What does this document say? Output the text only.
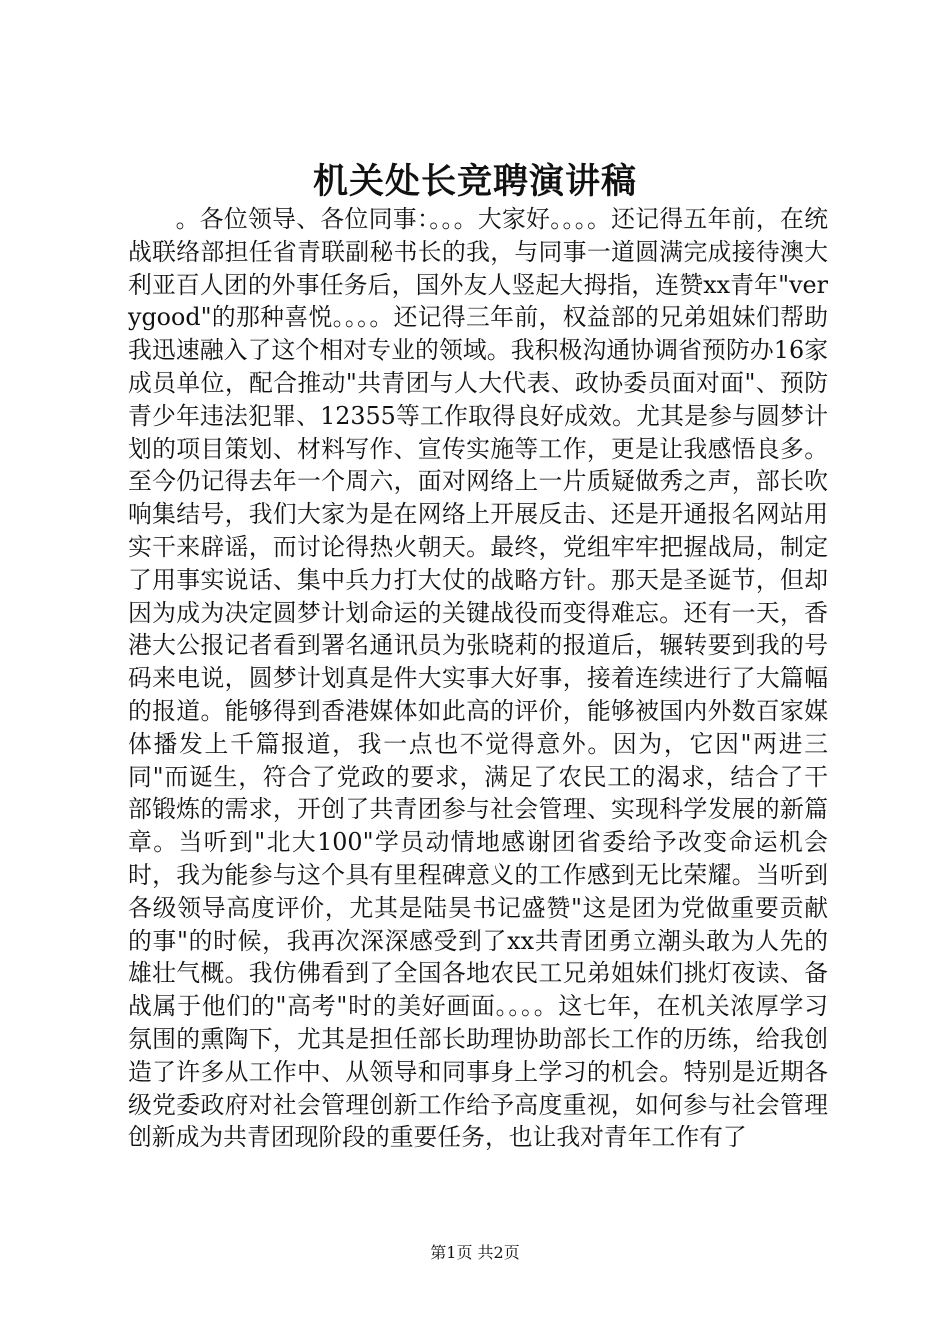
机关处长竞聘演讲稿

。各位领导、各位同事：。。。大家好。。。。还记得五年前，在统战联络部担任省青联副秘书长的我，与同事一道圆满完成接待澳大利亚百人团的外事任务后，国外友人竖起大拇指，连赞xx青年"verygood"的那种喜悦。。。。还记得三年前，权益部的兄弟姐妹们帮助我迅速融入了这个相对专业的领域。我积极沟通协调省预防办16家成员单位，配合推动"共青团与人大代表、政协委员面对面"、预防青少年违法犯罪、12355等工作取得良好成效。尤其是参与圆梦计划的项目策划、材料写作、宣传实施等工作，更是让我感悟良多。至今仍记得去年一个周六，面对网络上一片质疑做秀之声，部长吹响集结号，我们大家为是在网络上开展反击、还是开通报名网站用实干来辟谣，而讨论得热火朝天。最终，党组牢牢把握战局，制定了用事实说话、集中兵力打大仗的战略方针。那天是圣诞节，但却因为成为决定圆梦计划命运的关键战役而变得难忘。还有一天，香港大公报记者看到署名通讯员为张晓莉的报道后，辗转要到我的号码来电说，圆梦计划真是件大实事大好事，接着连续进行了大篇幅的报道。能够得到香港媒体如此高的评价，能够被国内外数百家媒体播发上千篇报道，我一点也不觉得意外。因为，它因"两进三同"而诞生，符合了党政的要求，满足了农民工的渴求，结合了干部锻炼的需求，开创了共青团参与社会管理、实现科学发展的新篇章。当听到"北大100"学员动情地感谢团省委给予改变命运机会时，我为能参与这个具有里程碑意义的工作感到无比荣耀。当听到各级领导高度评价，尤其是陆昊书记盛赞"这是团为党做重要贡献的事"的时候，我再次深深感受到了xx共青团勇立潮头敢为人先的雄壮气概。我仿佛看到了全国各地农民工兄弟姐妹们挑灯夜读、备战属于他们的"高考"时的美好画面。。。。这七年，在机关浓厚学习氛围的熏陶下，尤其是担任部长助理协助部长工作的历练，给我创造了许多从工作中、从领导和同事身上学习的机会。特别是近期各级党委政府对社会管理创新工作给予高度重视，如何参与社会管理创新成为共青团现阶段的重要任务，也让我对青年工作有了

第1页 共2页
